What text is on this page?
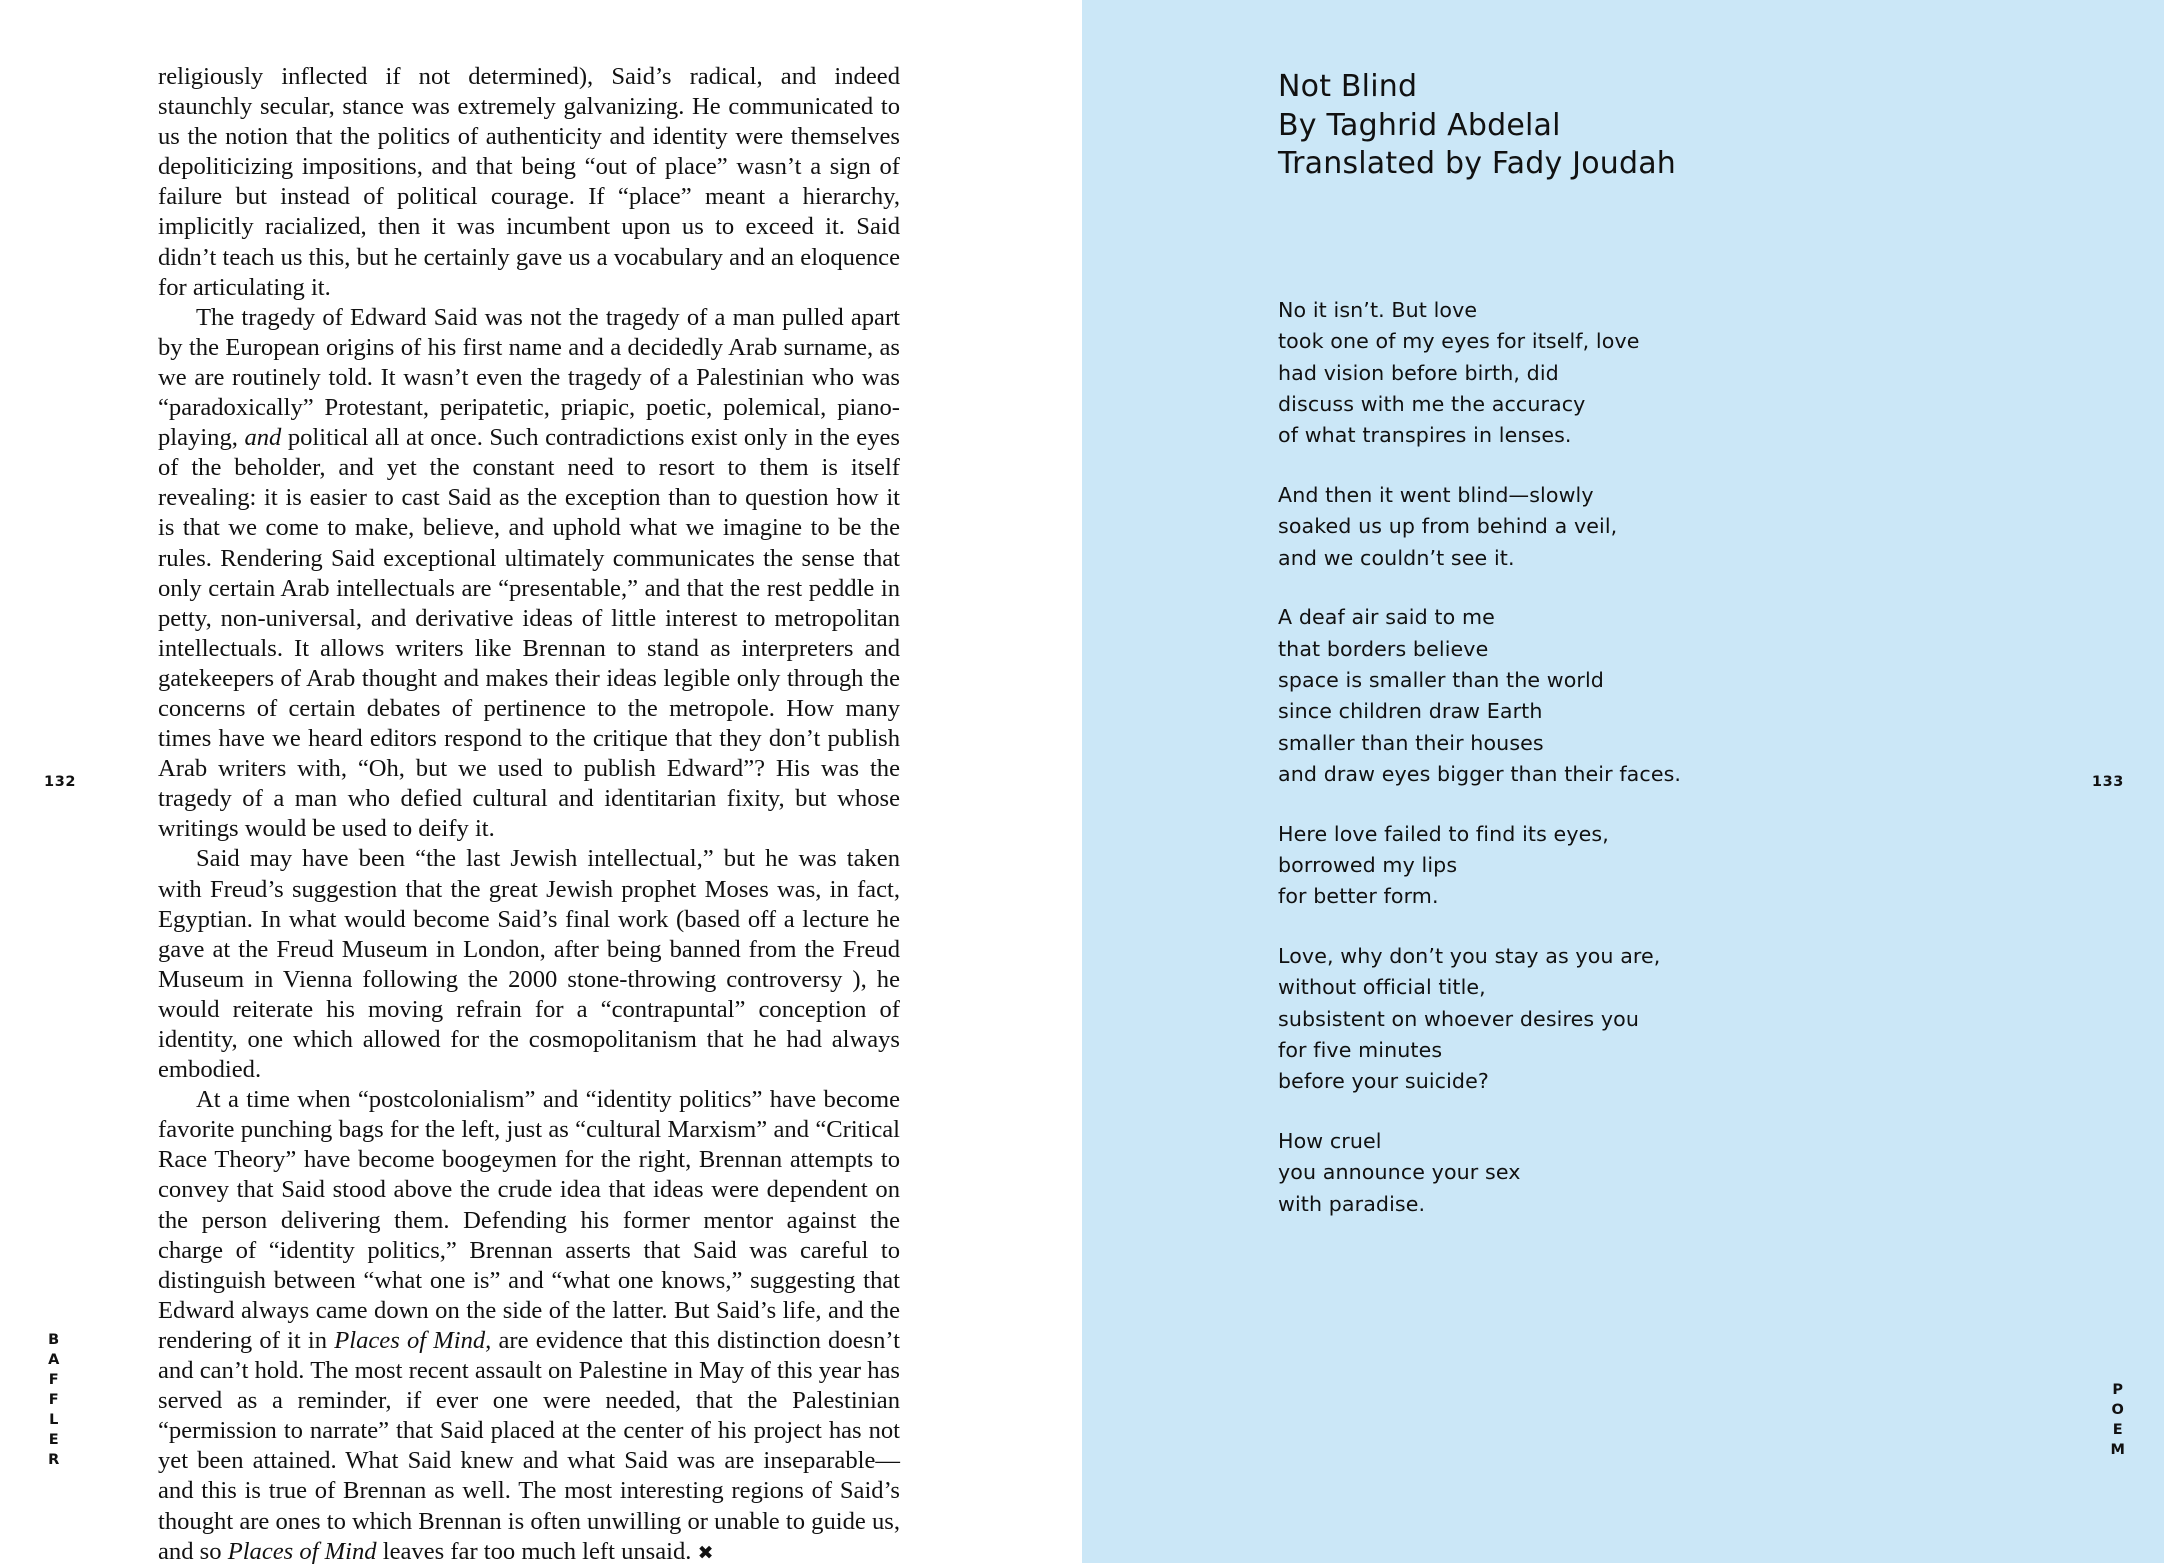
religiously inflected if not determined), Said’s radical, and indeed staunchly secular, stance was extremely galvanizing. He communicated to us the notion that the politics of authenticity and identity were themselves depoliticizing impositions, and that being “out of place” wasn’t a sign of failure but instead of political courage. If “place” meant a hierarchy, implicitly racialized, then it was incumbent upon us to exceed it. Said didn’t teach us this, but he certainly gave us a vocabulary and an eloquence for articulating it.

The tragedy of Edward Said was not the tragedy of a man pulled apart by the European origins of his first name and a decidedly Arab surname, as we are routinely told. It wasn’t even the tragedy of a Palestinian who was “paradoxically” Protestant, peripatetic, priapic, poetic, polemical, piano-playing, and political all at once. Such contradictions exist only in the eyes of the beholder, and yet the constant need to resort to them is itself revealing: it is easier to cast Said as the exception than to question how it is that we come to make, believe, and uphold what we imagine to be the rules. Rendering Said exceptional ultimately communicates the sense that only certain Arab intellectuals are “presentable,” and that the rest peddle in petty, non-universal, and derivative ideas of little interest to metropolitan intellectuals. It allows writers like Brennan to stand as interpreters and gatekeepers of Arab thought and makes their ideas legible only through the concerns of certain debates of pertinence to the metropole. How many times have we heard editors respond to the critique that they don’t publish Arab writers with, “Oh, but we used to publish Edward”? His was the tragedy of a man who defied cultural and identitarian fixity, but whose writings would be used to deify it.

Said may have been “the last Jewish intellectual,” but he was taken with Freud’s suggestion that the great Jewish prophet Moses was, in fact, Egyptian. In what would become Said’s final work (based off a lecture he gave at the Freud Museum in London, after being banned from the Freud Museum in Vienna following the 2000 stone-throwing controversy ), he would reiterate his moving refrain for a “contrapuntal” conception of identity, one which allowed for the cosmopolitanism that he had always embodied.

At a time when “postcolonialism” and “identity politics” have become favorite punching bags for the left, just as “cultural Marxism” and “Critical Race Theory” have become boogeymen for the right, Brennan attempts to convey that Said stood above the crude idea that ideas were dependent on the person delivering them. Defending his former mentor against the charge of “identity politics,” Brennan asserts that Said was careful to distinguish between “what one is” and “what one knows,” suggesting that Edward always came down on the side of the latter. But Said’s life, and the rendering of it in Places of Mind, are evidence that this distinction doesn’t and can’t hold. The most recent assault on Palestine in May of this year has served as a reminder, if ever one were needed, that the Palestinian “permission to narrate” that Said placed at the center of his project has not yet been attained. What Said knew and what Said was are inseparable—and this is true of Brennan as well. The most interesting regions of Said’s thought are ones to which Brennan is often unwilling or unable to guide us, and so Places of Mind leaves far too much left unsaid. ✖

132
B
A
F
F
L
E
R
Not Blind
By Taghrid Abdelal
Translated by Fady Joudah
No it isn’t. But love
took one of my eyes for itself, love
had vision before birth, did
discuss with me the accuracy
of what transpires in lenses.
And then it went blind—slowly
soaked us up from behind a veil,
and we couldn’t see it.
A deaf air said to me
that borders believe
space is smaller than the world
since children draw Earth
smaller than their houses
and draw eyes bigger than their faces.
Here love failed to find its eyes,
borrowed my lips
for better form.
Love, why don’t you stay as you are,
without official title,
subsistent on whoever desires you
for five minutes
before your suicide?
How cruel
you announce your sex
with paradise.
133
P
O
E
M
